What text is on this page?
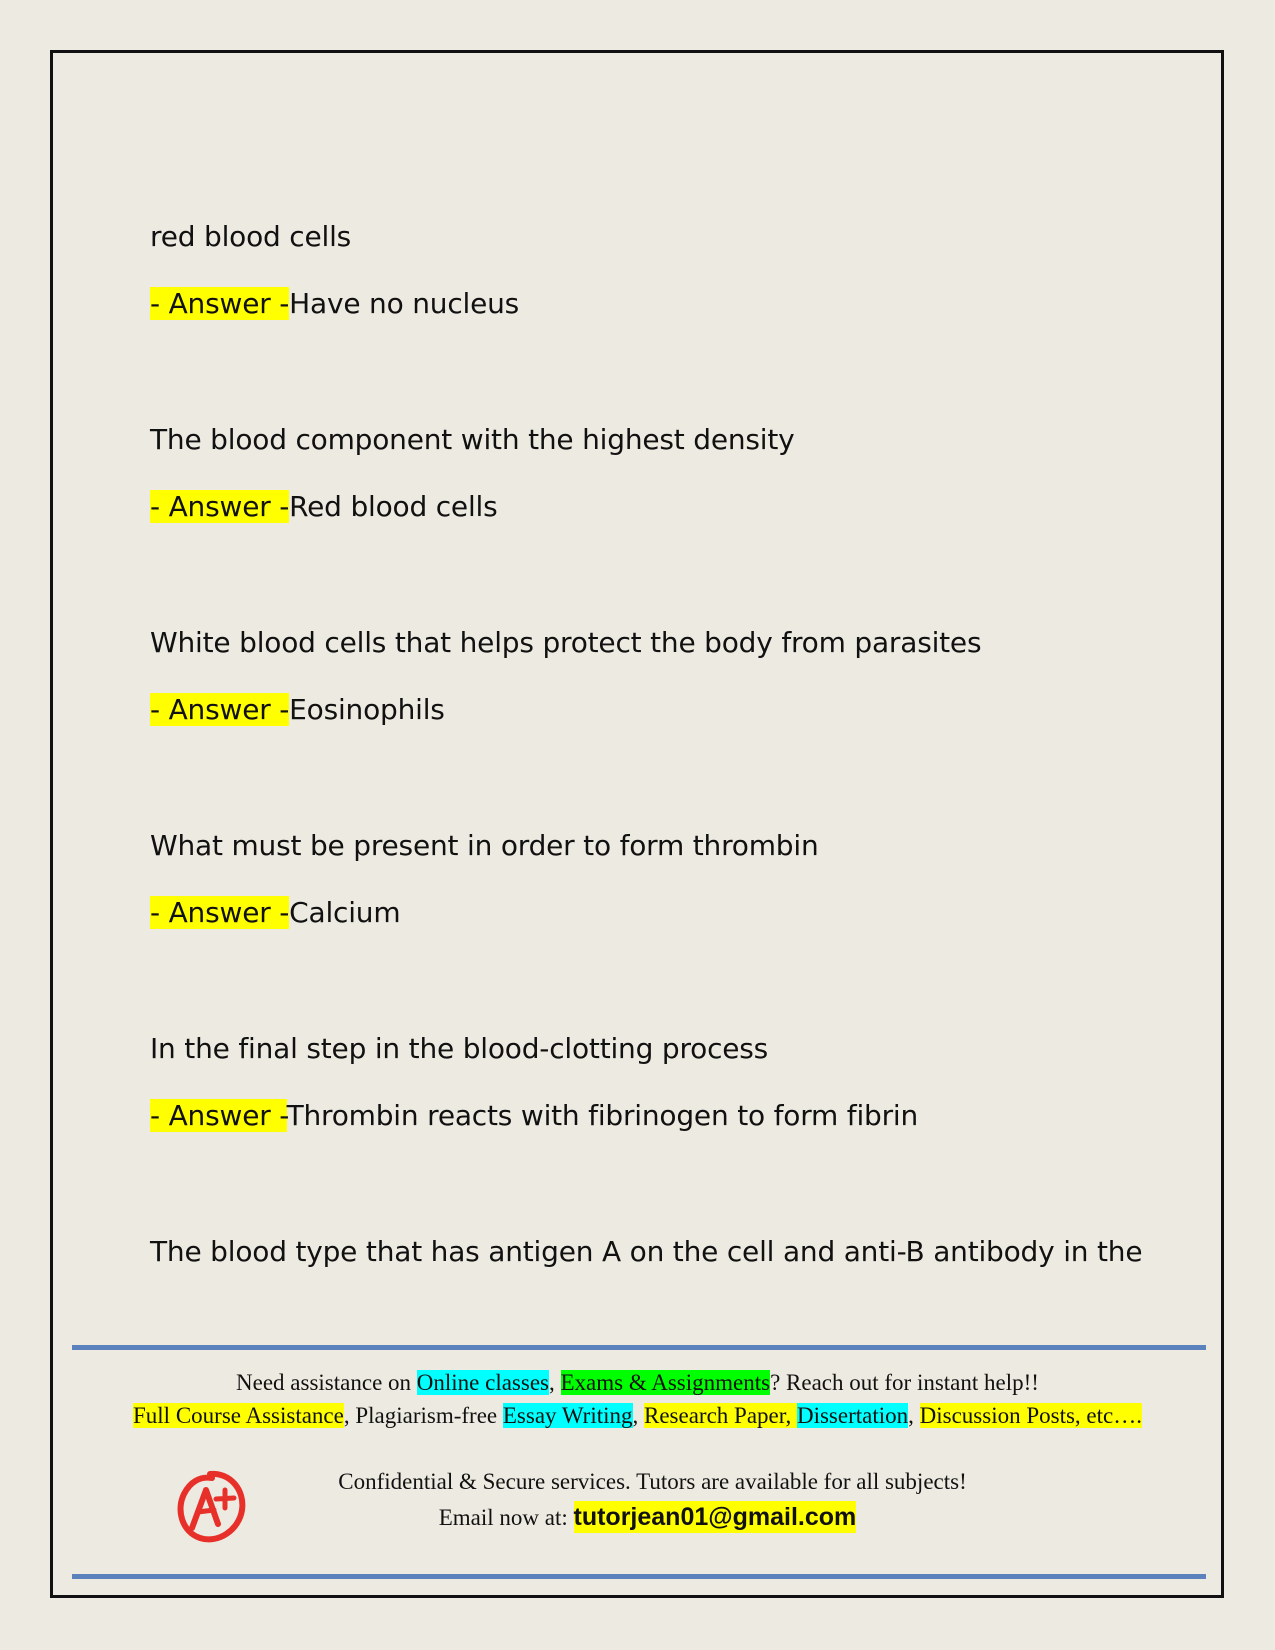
red blood cells
- Answer -Have no nucleus
The blood component with the highest density
- Answer -Red blood cells
White blood cells that helps protect the body from parasites
- Answer -Eosinophils
What must be present in order to form thrombin
- Answer -Calcium
In the final step in the blood-clotting process
- Answer -Thrombin reacts with fibrinogen to form fibrin
The blood type that has antigen A on the cell and anti-B antibody in the
Need assistance on Online classes, Exams & Assignments? Reach out for instant help!!
Full Course Assistance, Plagiarism-free Essay Writing, Research Paper, Dissertation, Discussion Posts, etc….
Confidential & Secure services. Tutors are available for all subjects!
Email now at: tutorjean01@gmail.com
